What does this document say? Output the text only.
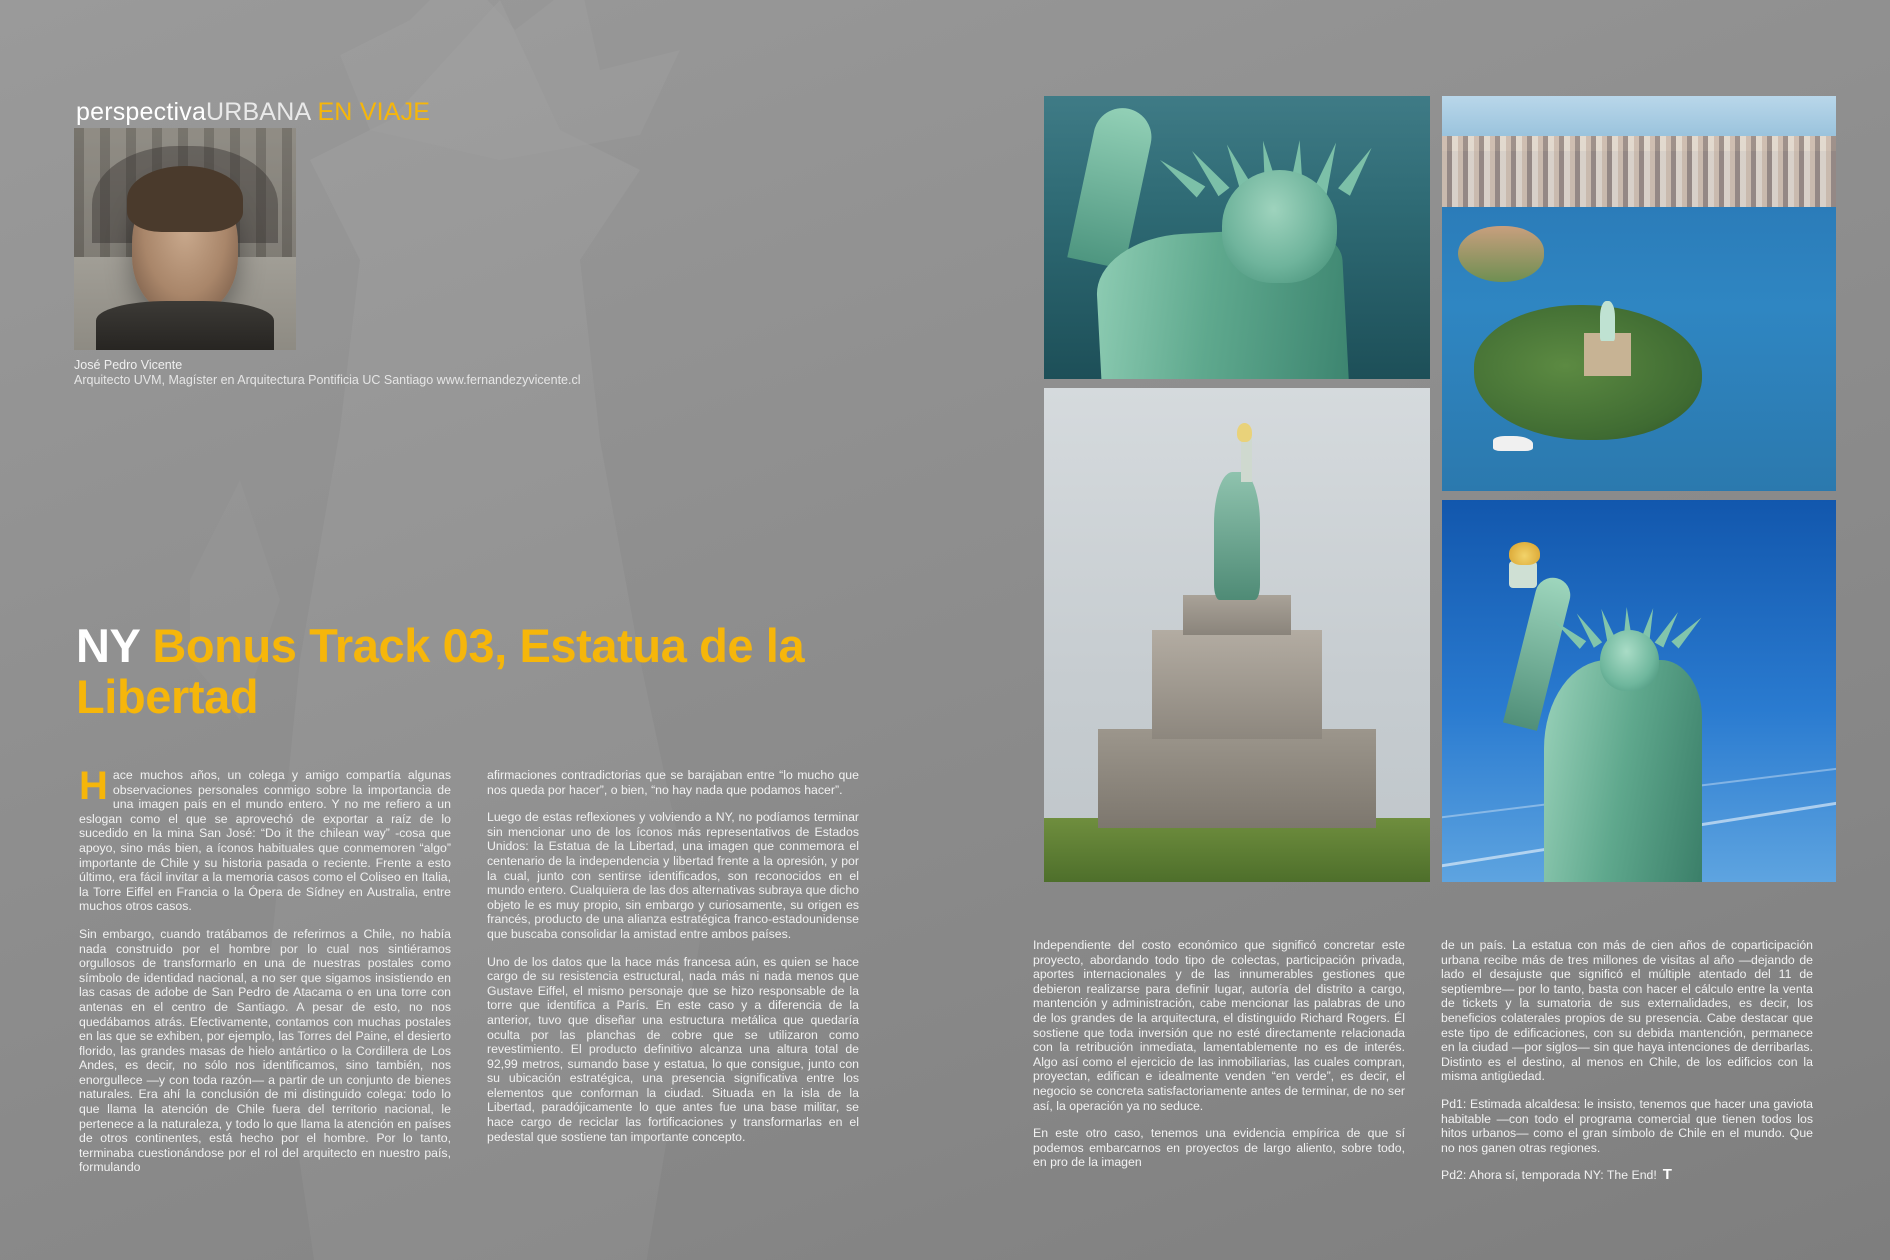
perspectivaURBANA EN VIAJE
José Pedro Vicente
Arquitecto UVM, Magíster en Arquitectura Pontificia UC Santiago www.fernandezyvicente.cl
NY Bonus Track 03, Estatua de la Libertad

Hace muchos años, un colega y amigo compartía algunas observaciones personales conmigo sobre la importancia de una imagen país en el mundo entero. Y no me refiero a un eslogan como el que se aprovechó de exportar a raíz de lo sucedido en la mina San José: “Do it the chilean way” -cosa que apoyo, sino más bien, a íconos habituales que conmemoren “algo” importante de Chile y su historia pasada o reciente. Frente a esto último, era fácil invitar a la memoria casos como el Coliseo en Italia, la Torre Eiffel en Francia o la Ópera de Sídney en Australia, entre muchos otros casos.

Sin embargo, cuando tratábamos de referirnos a Chile, no había nada construido por el hombre por lo cual nos sintiéramos orgullosos de transformarlo en una de nuestras postales como símbolo de identidad nacional, a no ser que sigamos insistiendo en las casas de adobe de San Pedro de Atacama o en una torre con antenas en el centro de Santiago. A pesar de esto, no nos quedábamos atrás. Efectivamente, contamos con muchas postales en las que se exhiben, por ejemplo, las Torres del Paine, el desierto florido, las grandes masas de hielo antártico o la Cordillera de Los Andes, es decir, no sólo nos identificamos, sino también, nos enorgullece —y con toda razón— a partir de un conjunto de bienes naturales. Era ahí la conclusión de mi distinguido colega: todo lo que llama la atención de Chile fuera del territorio nacional, le pertenece a la naturaleza, y todo lo que llama la atención en países de otros continentes, está hecho por el hombre. Por lo tanto, terminaba cuestionándose por el rol del arquitecto en nuestro país, formulando

afirmaciones contradictorias que se barajaban entre “lo mucho que nos queda por hacer”, o bien, “no hay nada que podamos hacer”.

Luego de estas reflexiones y volviendo a NY, no podíamos terminar sin mencionar uno de los íconos más representativos de Estados Unidos: la Estatua de la Libertad, una imagen que conmemora el centenario de la independencia y libertad frente a la opresión, y por la cual, junto con sentirse identificados, son reconocidos en el mundo entero. Cualquiera de las dos alternativas subraya que dicho objeto le es muy propio, sin embargo y curiosamente, su origen es francés, producto de una alianza estratégica franco-estadounidense que buscaba consolidar la amistad entre ambos países.

Uno de los datos que la hace más francesa aún, es quien se hace cargo de su resistencia estructural, nada más ni nada menos que Gustave Eiffel, el mismo personaje que se hizo responsable de la torre que identifica a París. En este caso y a diferencia de la anterior, tuvo que diseñar una estructura metálica que quedaría oculta por las planchas de cobre que se utilizaron como revestimiento. El producto definitivo alcanza una altura total de 92,99 metros, sumando base y estatua, lo que consigue, junto con su ubicación estratégica, una presencia significativa entre los elementos que conforman la ciudad. Situada en la isla de la Libertad, paradójicamente lo que antes fue una base militar, se hace cargo de reciclar las fortificaciones y transformarlas en el pedestal que sostiene tan importante concepto.

Independiente del costo económico que significó concretar este proyecto, abordando todo tipo de colectas, participación privada, aportes internacionales y de las innumerables gestiones que debieron realizarse para definir lugar, autoría del distrito a cargo, mantención y administración, cabe mencionar las palabras de uno de los grandes de la arquitectura, el distinguido Richard Rogers. Él sostiene que toda inversión que no esté directamente relacionada con la retribución inmediata, lamentablemente no es de interés. Algo así como el ejercicio de las inmobiliarias, las cuales compran, proyectan, edifican e idealmente venden “en verde”, es decir, el negocio se concreta satisfactoriamente antes de terminar, de no ser así, la operación ya no seduce.

En este otro caso, tenemos una evidencia empírica de que sí podemos embarcarnos en proyectos de largo aliento, sobre todo, en pro de la imagen

de un país. La estatua con más de cien años de coparticipación urbana recibe más de tres millones de visitas al año —dejando de lado el desajuste que significó el múltiple atentado del 11 de septiembre— por lo tanto, basta con hacer el cálculo entre la venta de tickets y la sumatoria de sus externalidades, es decir, los beneficios colaterales propios de su presencia. Cabe destacar que este tipo de edificaciones, con su debida mantención, permanece en la ciudad —por siglos— sin que haya intenciones de derribarlas. Distinto es el destino, al menos en Chile, de los edificios con la misma antigüedad.

Pd1: Estimada alcaldesa: le insisto, tenemos que hacer una gaviota habitable —con todo el programa comercial que tienen todos los hitos urbanos— como el gran símbolo de Chile en el mundo. Que no nos ganen otras regiones.

Pd2: Ahora sí, temporada NY: The End! T
